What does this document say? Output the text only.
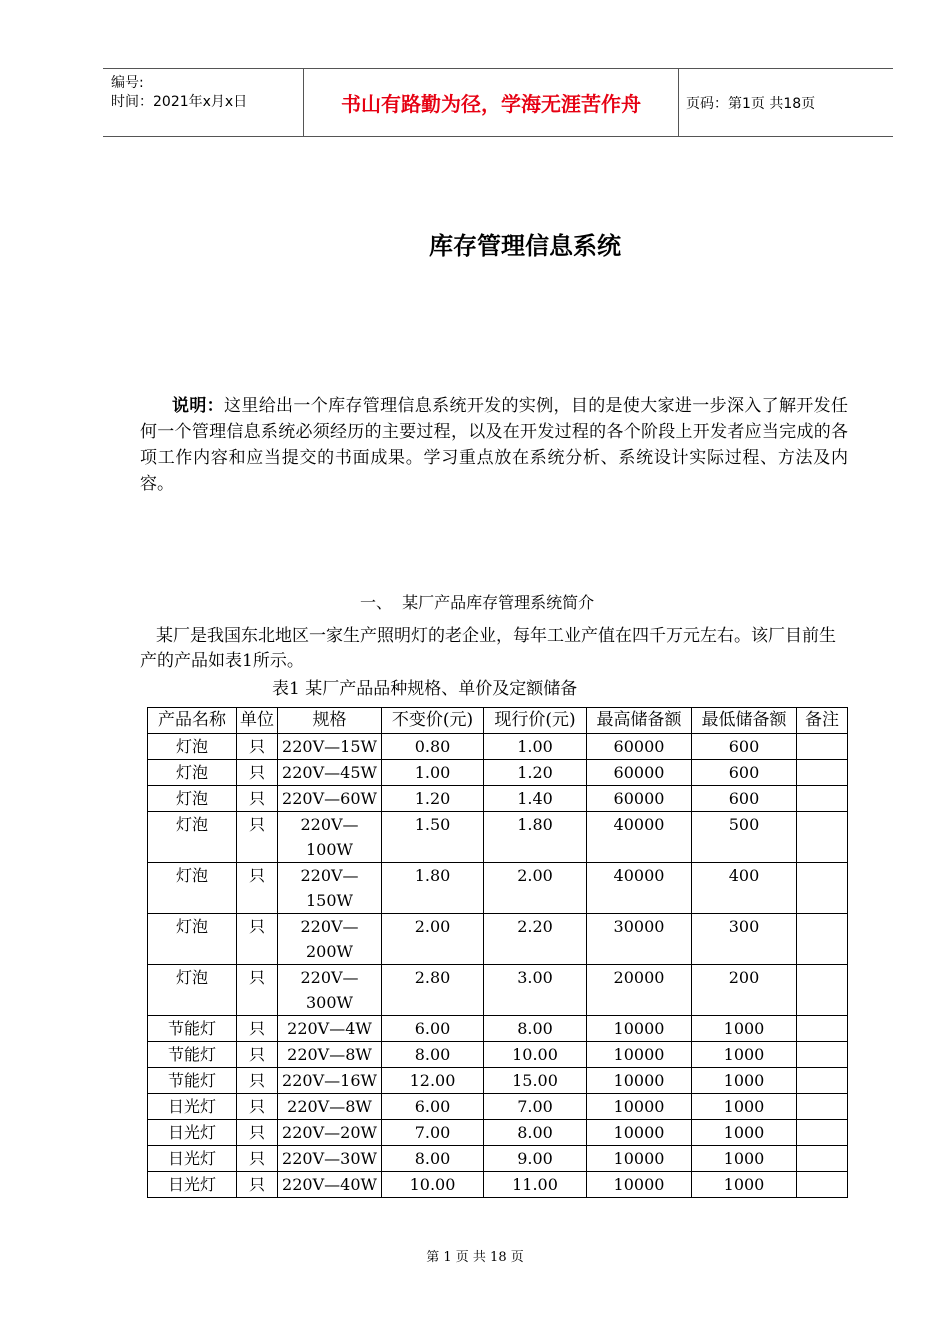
编号:
时间：2021年x月x日	书山有路勤为径，学海无涯苦作舟	页码：第1页 共18页
库存管理信息系统
说明：这里给出一个库存管理信息系统开发的实例，目的是使大家进一步深入了解开发任何一个管理信息系统必须经历的主要过程，以及在开发过程的各个阶段上开发者应当完成的各项工作内容和应当提交的书面成果。学习重点放在系统分析、系统设计实际过程、方法及内容。
一、  某厂产品库存管理系统简介
某厂是我国东北地区一家生产照明灯的老企业，每年工业产值在四千万元左右。该厂目前生产的产品如表1所示。
表1 某厂产品品种规格、单价及定额储备
产品名称	单位	规格	不变价(元)	现行价(元)	最高储备额	最低储备额	备注
灯泡	只	220V—15W	0.80	1.00	60000	600	
灯泡	只	220V—45W	1.00	1.20	60000	600	
灯泡	只	220V—60W	1.20	1.40	60000	600	
灯泡	只	220V—100W	1.50	1.80	40000	500	
灯泡	只	220V—150W	1.80	2.00	40000	400	
灯泡	只	220V—200W	2.00	2.20	30000	300	
灯泡	只	220V—300W	2.80	3.00	20000	200	
节能灯	只	220V—4W	6.00	8.00	10000	1000	
节能灯	只	220V—8W	8.00	10.00	10000	1000	
节能灯	只	220V—16W	12.00	15.00	10000	1000	
日光灯	只	220V—8W	6.00	7.00	10000	1000	
日光灯	只	220V—20W	7.00	8.00	10000	1000	
日光灯	只	220V—30W	8.00	9.00	10000	1000	
日光灯	只	220V—40W	10.00	11.00	10000	1000	
第 1 页 共 18 页
